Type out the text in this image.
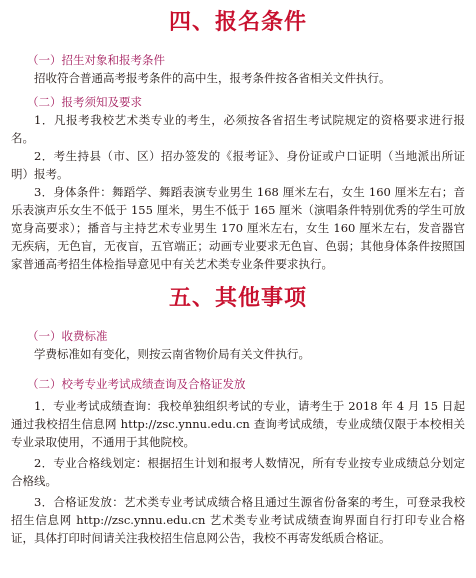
四、报名条件

（一）招生对象和报考条件

招收符合普通高考报考条件的高中生，报考条件按各省相关文件执行。

（二）报考须知及要求

1．凡报考我校艺术类专业的考生，必须按各省招生考试院规定的资格要求进行报名。

2．考生持县（市、区）招办签发的《报考证》、身份证或户口证明（当地派出所证明）报考。

3．身体条件：舞蹈学、舞蹈表演专业男生 168 厘米左右，女生 160 厘米左右；音乐表演声乐女生不低于 155 厘米，男生不低于 165 厘米（演唱条件特别优秀的学生可放宽身高要求）；播音与主持艺术专业男生 170 厘米左右，女生 160 厘米左右，发音器官无疾病，无色盲，无夜盲，五官端正；动画专业要求无色盲、色弱；其他身体条件按照国家普通高考招生体检指导意见中有关艺术类专业条件要求执行。

五、其他事项

（一）收费标准

学费标准如有变化，则按云南省物价局有关文件执行。

（二）校考专业考试成绩查询及合格证发放

1．专业考试成绩查询：我校单独组织考试的专业，请考生于 2018 年 4 月 15 日起通过我校招生信息网 http://zsc.ynnu.edu.cn 查询考试成绩，专业成绩仅限于本校相关专业录取使用，不通用于其他院校。

2．专业合格线划定：根据招生计划和报考人数情况，所有专业按专业成绩总分划定合格线。

3．合格证发放：艺术类专业考试成绩合格且通过生源省份备案的考生，可登录我校招生信息网 http://zsc.ynnu.edu.cn 艺术类专业考试成绩查询界面自行打印专业合格证，具体打印时间请关注我校招生信息网公告，我校不再寄发纸质合格证。
